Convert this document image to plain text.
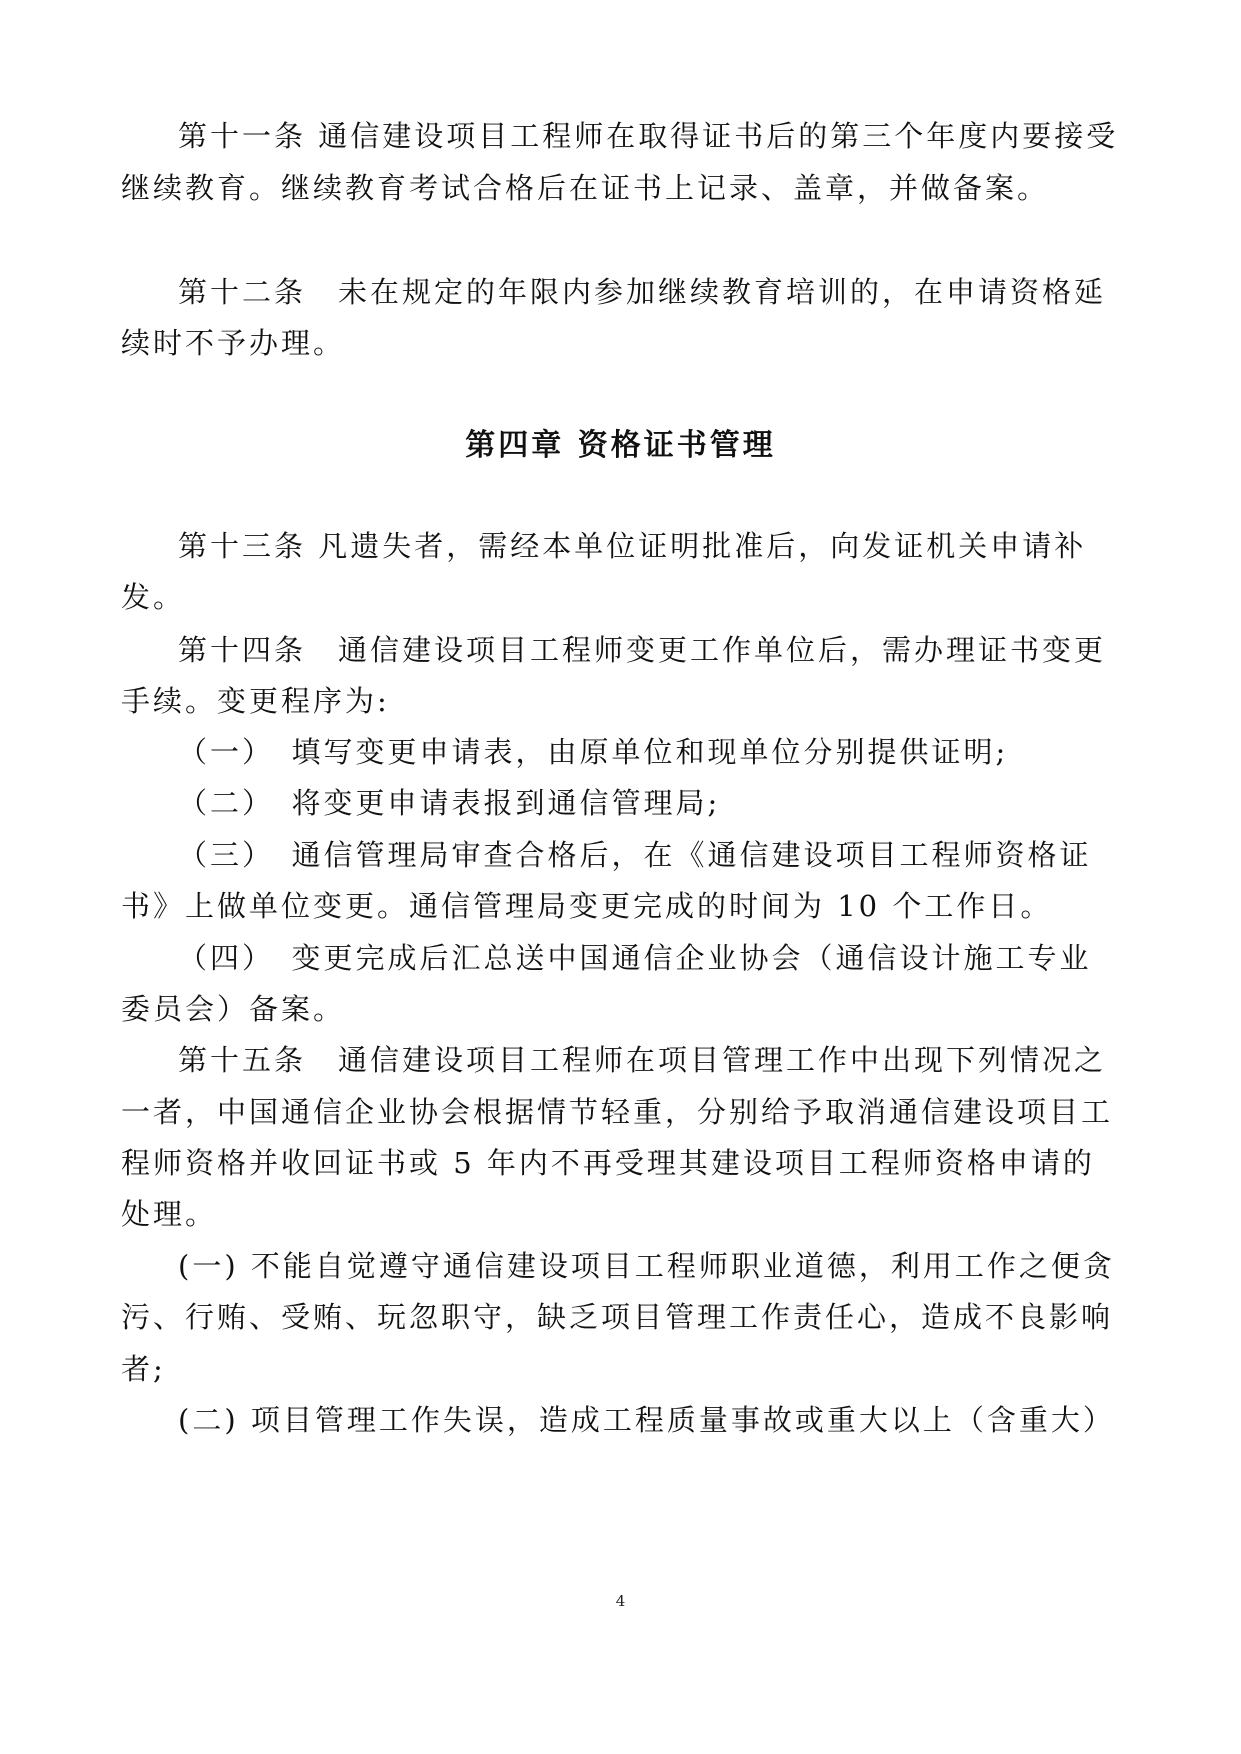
第十一条 通信建设项目工程师在取得证书后的第三个年度内要接受
继续教育。继续教育考试合格后在证书上记录、盖章，并做备案。
第十二条　未在规定的年限内参加继续教育培训的，在申请资格延
续时不予办理。
第四章 资格证书管理
第十三条 凡遗失者，需经本单位证明批准后，向发证机关申请补
发。
第十四条　通信建设项目工程师变更工作单位后，需办理证书变更
手续。变更程序为:
（一）　填写变更申请表，由原单位和现单位分别提供证明;
（二）　将变更申请表报到通信管理局;
（三）　通信管理局审查合格后，在《通信建设项目工程师资格证
书》上做单位变更。通信管理局变更完成的时间为 10 个工作日。
（四）　变更完成后汇总送中国通信企业协会（通信设计施工专业
委员会）备案。
第十五条　通信建设项目工程师在项目管理工作中出现下列情况之
一者，中国通信企业协会根据情节轻重，分别给予取消通信建设项目工
程师资格并收回证书或 5 年内不再受理其建设项目工程师资格申请的
处理。
(一) 不能自觉遵守通信建设项目工程师职业道德，利用工作之便贪
污、行贿、受贿、玩忽职守，缺乏项目管理工作责任心，造成不良影响
者;
(二) 项目管理工作失误，造成工程质量事故或重大以上（含重大）
4
